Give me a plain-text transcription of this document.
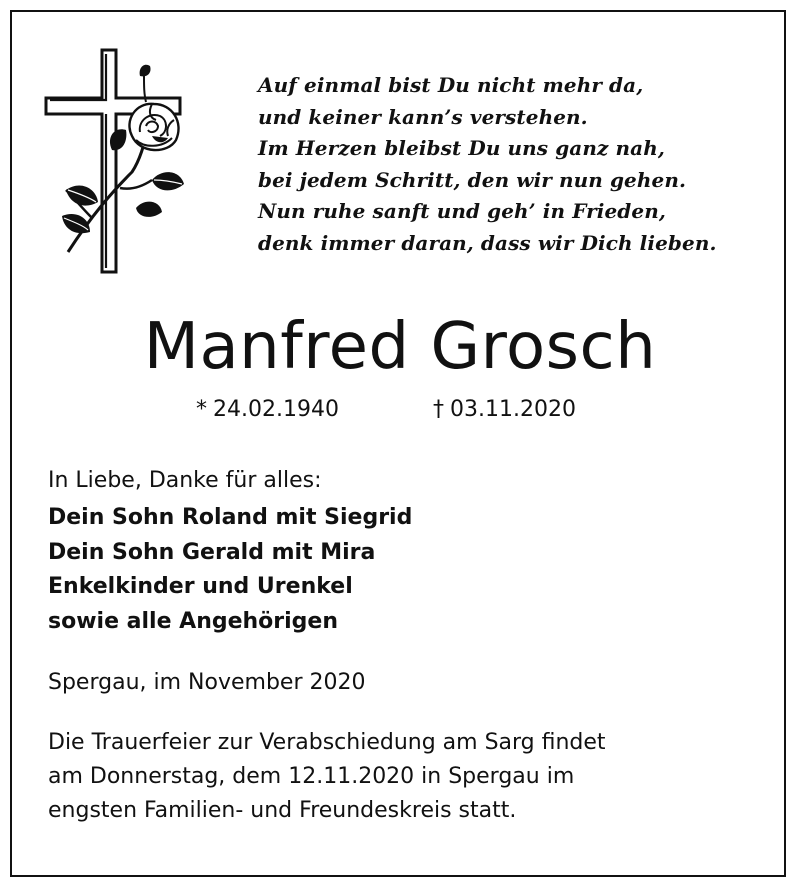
Auf einmal bist Du nicht mehr da,
und keiner kann’s verstehen.
Im Herzen bleibst Du uns ganz nah,
bei jedem Schritt, den wir nun gehen.
Nun ruhe sanft und geh’ in Frieden,
denk immer daran, dass wir Dich lieben.
Manfred Grosch
* 24.02.1940	† 03.11.2020
In Liebe, Danke für alles:
Dein Sohn Roland mit Siegrid
Dein Sohn Gerald mit Mira
Enkelkinder und Urenkel
sowie alle Angehörigen
Spergau, im November 2020
Die Trauerfeier zur Verabschiedung am Sarg findet
am Donnerstag, dem 12.11.2020 in Spergau im
engsten Familien- und Freundeskreis statt.
